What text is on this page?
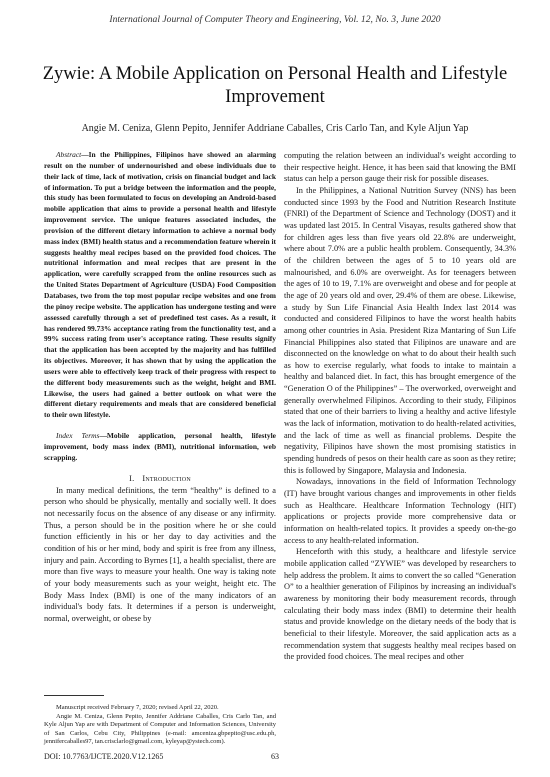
International Journal of Computer Theory and Engineering, Vol. 12, No. 3, June 2020
Zywie: A Mobile Application on Personal Health and Lifestyle Improvement
Angie M. Ceniza, Glenn Pepito, Jennifer Addriane Caballes, Cris Carlo Tan, and Kyle Aljun Yap

Abstract—In the Philippines, Filipinos have showed an alarming result on the number of undernourished and obese individuals due to their lack of time, lack of motivation, crisis on financial budget and lack of information. To put a bridge between the information and the people, this study has been formulated to focus on developing an Android-based mobile application that aims to provide a personal health and lifestyle improvement service. The unique features associated includes, the provision of the different dietary information to achieve a normal body mass index (BMI) health status and a recommendation feature wherein it suggests healthy meal recipes based on the provided food choices. The nutritional information and meal recipes that are present in the application, were carefully scrapped from the online resources such as the United States Department of Agriculture (USDA) Food Composition Databases, two from the top most popular recipe websites and one from the pinoy recipe website. The application has undergone testing and were assessed carefully through a set of predefined test cases. As a result, it has rendered 99.73% acceptance rating from the functionality test, and a 99% success rating from user's acceptance rating. These results signify that the application has been accepted by the majority and has fulfilled its objectives. Moreover, it has shown that by using the application the users were able to effectively keep track of their progress with respect to the different body measurements such as the weight, height and BMI. Likewise, the users had gained a better outlook on what were the different dietary requirements and meals that are considered beneficial to their own lifestyle.

Index Terms—Mobile application, personal health, lifestyle improvement, body mass index (BMI), nutritional information, web scrapping.

I. Introduction

In many medical definitions, the term “healthy” is defined to a person who should be physically, mentally and socially well. It does not necessarily focus on the absence of any disease or any infirmity. Thus, a person should be in the position where he or she could function efficiently in his or her day to day activities and the condition of his or her mind, body and spirit is free from any illness, injury and pain. According to Byrnes [1], a health specialist, there are more than five ways to measure your health. One way is taking note of your body measurements such as your weight, height etc. The Body Mass Index (BMI) is one of the many indicators of an individual's body fats. It determines if a person is underweight, normal, overweight, or obese by

computing the relation between an individual's weight according to their respective height. Hence, it has been said that knowing the BMI status can help a person gauge their risk for possible diseases.

In the Philippines, a National Nutrition Survey (NNS) has been conducted since 1993 by the Food and Nutrition Research Institute (FNRI) of the Department of Science and Technology (DOST) and it was updated last 2015. In Central Visayas, results gathered show that for children ages less than five years old 22.8% are underweight, where about 7.0% are a public health problem. Consequently, 34.3% of the children between the ages of 5 to 10 years old are malnourished, and 6.0% are overweight. As for teenagers between the ages of 10 to 19, 7.1% are overweight and obese and for people at the age of 20 years old and over, 29.4% of them are obese. Likewise, a study by Sun Life Financial Asia Health Index last 2014 was conducted and considered Filipinos to have the worst health habits among other countries in Asia. President Riza Mantaring of Sun Life Financial Philippines also stated that Filipinos are unaware and are disconnected on the knowledge on what to do about their health such as how to exercise regularly, what foods to intake to maintain a healthy and balanced diet. In fact, this has brought emergence of the “Generation O of the Philippines” – The overworked, overweight and generally overwhelmed Filipinos. According to their study, Filipinos stated that one of their barriers to living a healthy and active lifestyle was the lack of information, motivation to do health-related activities, and the lack of time as well as financial problems. Despite the negativity, Filipinos have shown the most promising statistics in spending hundreds of pesos on their health care as soon as they retire; this is followed by Singapore, Malaysia and Indonesia.

Nowadays, innovations in the field of Information Technology (IT) have brought various changes and improvements in other fields such as Healthcare. Healthcare Information Technology (HIT) applications or projects provide more comprehensive data or information on health-related topics. It provides a speedy on-the-go access to any health-related information.

Henceforth with this study, a healthcare and lifestyle service mobile application called “ZYWIE” was developed by researchers to help address the problem. It aims to convert the so called “Generation O” to a healthier generation of Filipinos by increasing an individual's awareness by monitoring their body measurement records, through calculating their body mass index (BMI) to determine their health status and provide knowledge on the dietary needs of the body that is beneficial to their lifestyle. Moreover, the said application acts as a recommendation system that suggests healthy meal recipes based on the provided food choices. The meal recipes and other

Manuscript received February 7, 2020; revised April 22, 2020.

Angie M. Ceniza, Glenn Pepito, Jennifer Addriane Caballes, Cris Carlo Tan, and Kyle Aljun Yap are with Department of Computer and Information Sciences, University of San Carlos, Cebu City, Philippines (e-mail: amceniza.gbpepito@usc.edu.ph, jennifercaballes97, tan.crisclarlo@gmail.com, kyleyap@ystech.com).

DOI: 10.7763/IJCTE.2020.V12.1265	63
